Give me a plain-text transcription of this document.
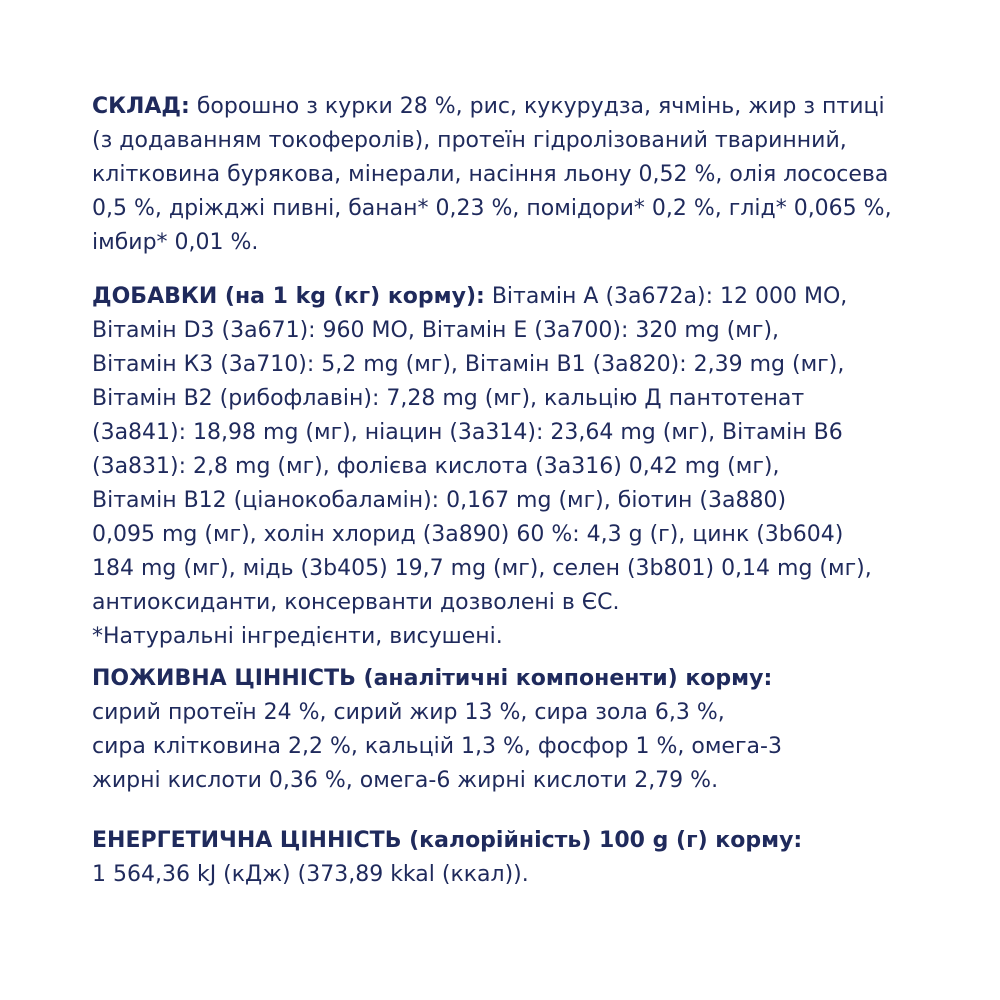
СКЛАД: борошно з курки 28 %, рис, кукурудза, ячмінь, жир з птиці
(з додаванням токоферолів), протеїн гідролізований тваринний,
клітковина бурякова, мінерали, насіння льону 0,52 %, олія лососева
0,5 %, дріжджі пивні, банан* 0,23 %, помідори* 0,2 %, глід* 0,065 %,
імбир* 0,01 %.
ДОБАВКИ (на 1 kg (кг) корму): Вітамін А (3а672а): 12 000 МО,
Вітамін D3 (3а671): 960 МО, Вітамін Е (3а700): 320 mg (мг),
Вітамін К3 (3а710): 5,2 mg (мг), Вітамін В1 (3а820): 2,39 mg (мг),
Вітамін В2 (рибофлавін): 7,28 mg (мг), кальцію Д пантотенат
(3а841): 18,98 mg (мг), ніацин (3а314): 23,64 mg (мг), Вітамін В6
(3а831): 2,8 mg (мг), фолієва кислота (3а316) 0,42 mg (мг),
Вітамін В12 (ціанокобаламін): 0,167 mg (мг), біотин (3а880)
0,095 mg (мг), холін хлорид (3а890) 60 %: 4,3 g (г), цинк (3b604)
184 mg (мг), мідь (3b405) 19,7 mg (мг), селен (3b801) 0,14 mg (мг),
антиоксиданти, консерванти дозволені в ЄС.
*Натуральні інгредієнти, висушені.
ПОЖИВНА ЦІННІСТЬ (аналітичні компоненти) корму:
сирий протеїн 24 %, сирий жир 13 %, сира зола 6,3 %,
сира клітковина 2,2 %, кальцій 1,3 %, фосфор 1 %, омега-3
жирні кислоти 0,36 %, омега-6 жирні кислоти 2,79 %.
ЕНЕРГЕТИЧНА ЦІННІСТЬ (калорійність) 100 g (г) корму:
1 564,36 kJ (кДж) (373,89 kkal (ккал)).
